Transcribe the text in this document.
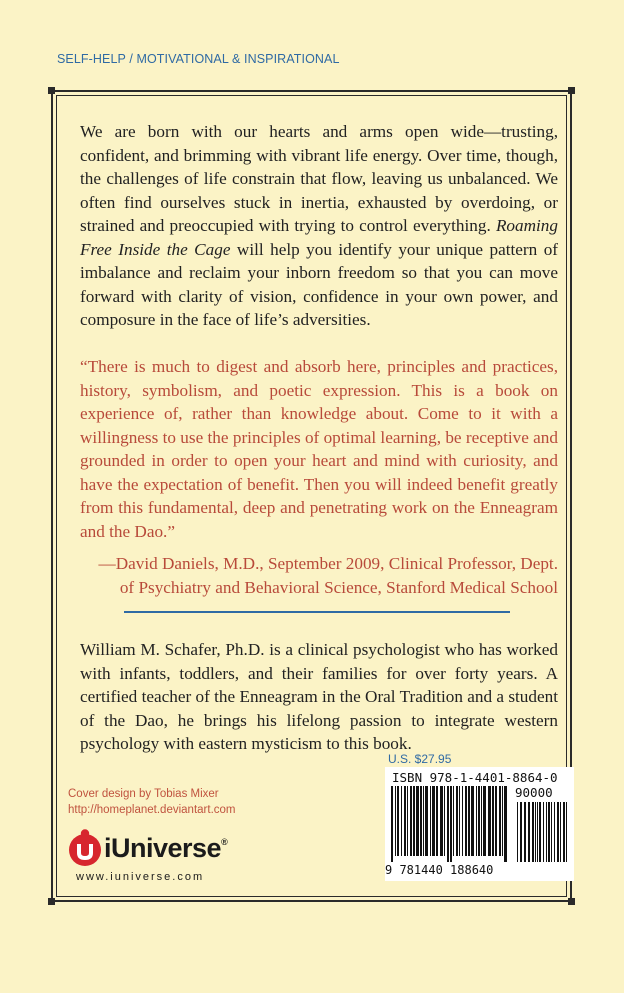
SELF-HELP / MOTIVATIONAL & INSPIRATIONAL

We are born with our hearts and arms open wide—trusting, confident, and brimming with vibrant life energy. Over time, though, the challenges of life constrain that flow, leaving us unbalanced. We often find ourselves stuck in inertia, exhausted by overdoing, or strained and preoccupied with trying to control everything. Roaming Free Inside the Cage will help you identify your unique pattern of imbalance and reclaim your inborn freedom so that you can move forward with clarity of vision, confidence in your own power, and composure in the face of life’s adversities.

“There is much to digest and absorb here, principles and practices, history, symbolism, and poetic expression. This is a book on experience of, rather than knowledge about. Come to it with a willingness to use the principles of optimal learning, be receptive and grounded in order to open your heart and mind with curiosity, and have the expectation of benefit. Then you will indeed benefit greatly from this fundamental, deep and penetrating work on the Enneagram and the Dao.”

—David Daniels, M.D., September 2009, Clinical Professor, Dept.
of Psychiatry and Behavioral Science, Stanford Medical School

William M. Schafer, Ph.D. is a clinical psychologist who has worked with infants, toddlers, and their families for over forty years. A certified teacher of the Enneagram in the Oral Tradition and a student of the Dao, he brings his lifelong passion to integrate western psychology with eastern mysticism to this book.

U.S. $27.95
ISBN 978-1-4401-8864-0
90000
9 781440 188640
Cover design by Tobias Mixer
http://homeplanet.deviantart.com
iUniverse®
www.iuniverse.com
